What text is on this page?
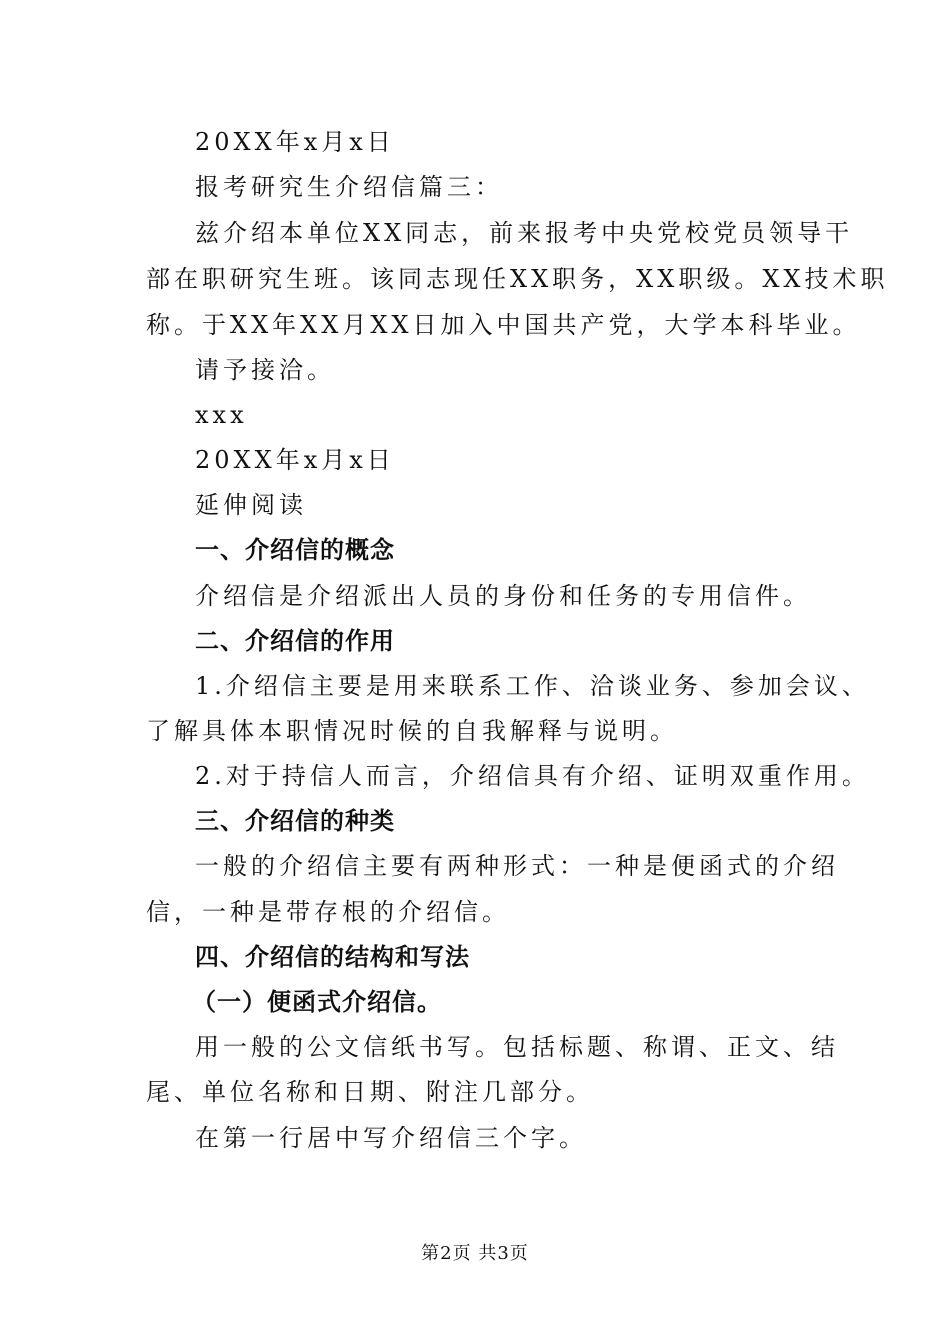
20XX年x月x日
报考研究生介绍信篇三：
兹介绍本单位XX同志，前来报考中央党校党员领导干
部在职研究生班。该同志现任XX职务，XX职级。XX技术职
称。于XX年XX月XX日加入中国共产党，大学本科毕业。
请予接洽。
xxx
20XX年x月x日
延伸阅读
一、介绍信的概念
介绍信是介绍派出人员的身份和任务的专用信件。
二、介绍信的作用
1.介绍信主要是用来联系工作、洽谈业务、参加会议、
了解具体本职情况时候的自我解释与说明。
2.对于持信人而言，介绍信具有介绍、证明双重作用。
三、介绍信的种类
一般的介绍信主要有两种形式：一种是便函式的介绍
信，一种是带存根的介绍信。
四、介绍信的结构和写法
（一）便函式介绍信。
用一般的公文信纸书写。包括标题、称谓、正文、结
尾、单位名称和日期、附注几部分。
在第一行居中写介绍信三个字。
第2页 共3页
